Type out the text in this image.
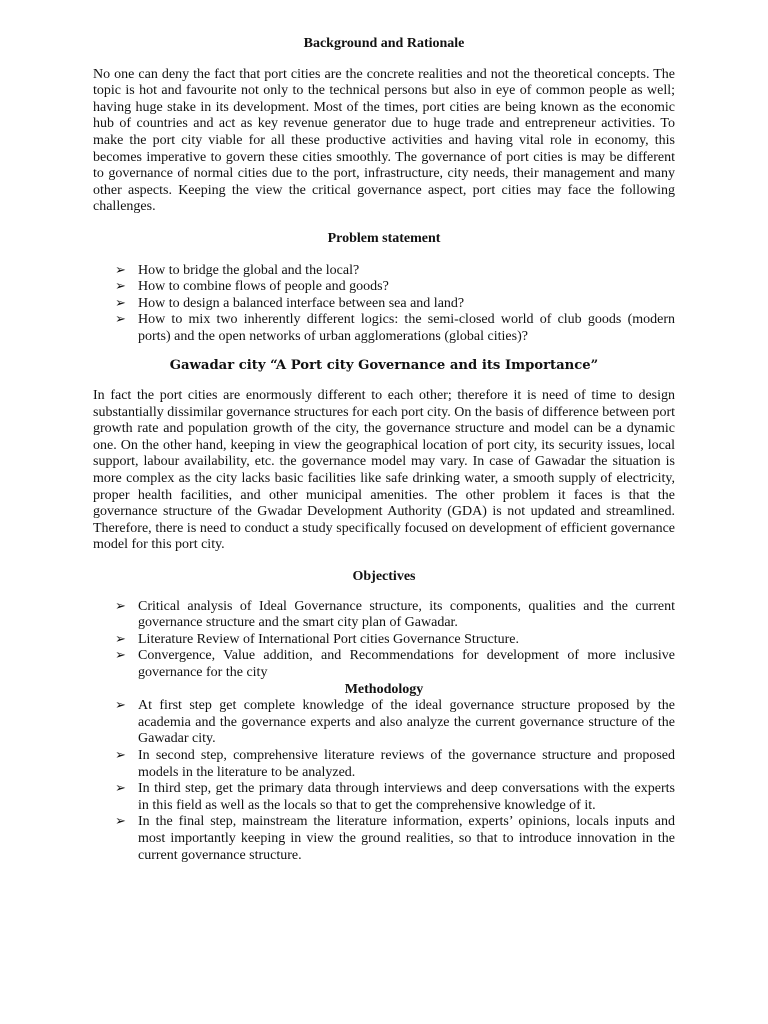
Background and Rationale

No one can deny the fact that port cities are the concrete realities and not the theoretical concepts. The topic is hot and favourite not only to the technical persons but also in eye of common people as well; having huge stake in its development. Most of the times, port cities are being known as the economic hub of countries and act as key revenue generator due to huge trade and entrepreneur activities. To make the port city viable for all these productive activities and having vital role in economy, this becomes imperative to govern these cities smoothly. The governance of port cities is may be different to governance of normal cities due to the port, infrastructure, city needs, their management and many other aspects. Keeping the view the critical governance aspect, port cities may face the following challenges.

Problem statement

➢ How to bridge the global and the local?
➢ How to combine flows of people and goods?
➢ How to design a balanced interface between sea and land?
➢ How to mix two inherently different logics: the semi-closed world of club goods (modern ports) and the open networks of urban agglomerations (global cities)?

Gawadar city “A Port city Governance and its Importance”

In fact the port cities are enormously different to each other; therefore it is need of time to design substantially dissimilar governance structures for each port city. On the basis of difference between port growth rate and population growth of the city, the governance structure and model can be a dynamic one. On the other hand, keeping in view the geographical location of port city, its security issues, local support, labour availability, etc. the governance model may vary. In case of Gawadar the situation is more complex as the city lacks basic facilities like safe drinking water, a smooth supply of electricity, proper health facilities, and other municipal amenities. The other problem it faces is that the governance structure of the Gwadar Development Authority (GDA) is not updated and streamlined. Therefore, there is need to conduct a study specifically focused on development of efficient governance model for this port city.

Objectives

➢ Critical analysis of Ideal Governance structure, its components, qualities and the current governance structure and the smart city plan of Gawadar.
➢ Literature Review of International Port cities Governance Structure.
➢ Convergence, Value addition, and Recommendations for development of more inclusive governance for the city

Methodology

➢ At first step get complete knowledge of the ideal governance structure proposed by the academia and the governance experts and also analyze the current governance structure of the Gawadar city.
➢ In second step, comprehensive literature reviews of the governance structure and proposed models in the literature to be analyzed.
➢ In third step, get the primary data through interviews and deep conversations with the experts in this field as well as the locals so that to get the comprehensive knowledge of it.
➢ In the final step, mainstream the literature information, experts’ opinions, locals inputs and most importantly keeping in view the ground realities, so that to introduce innovation in the current governance structure.
